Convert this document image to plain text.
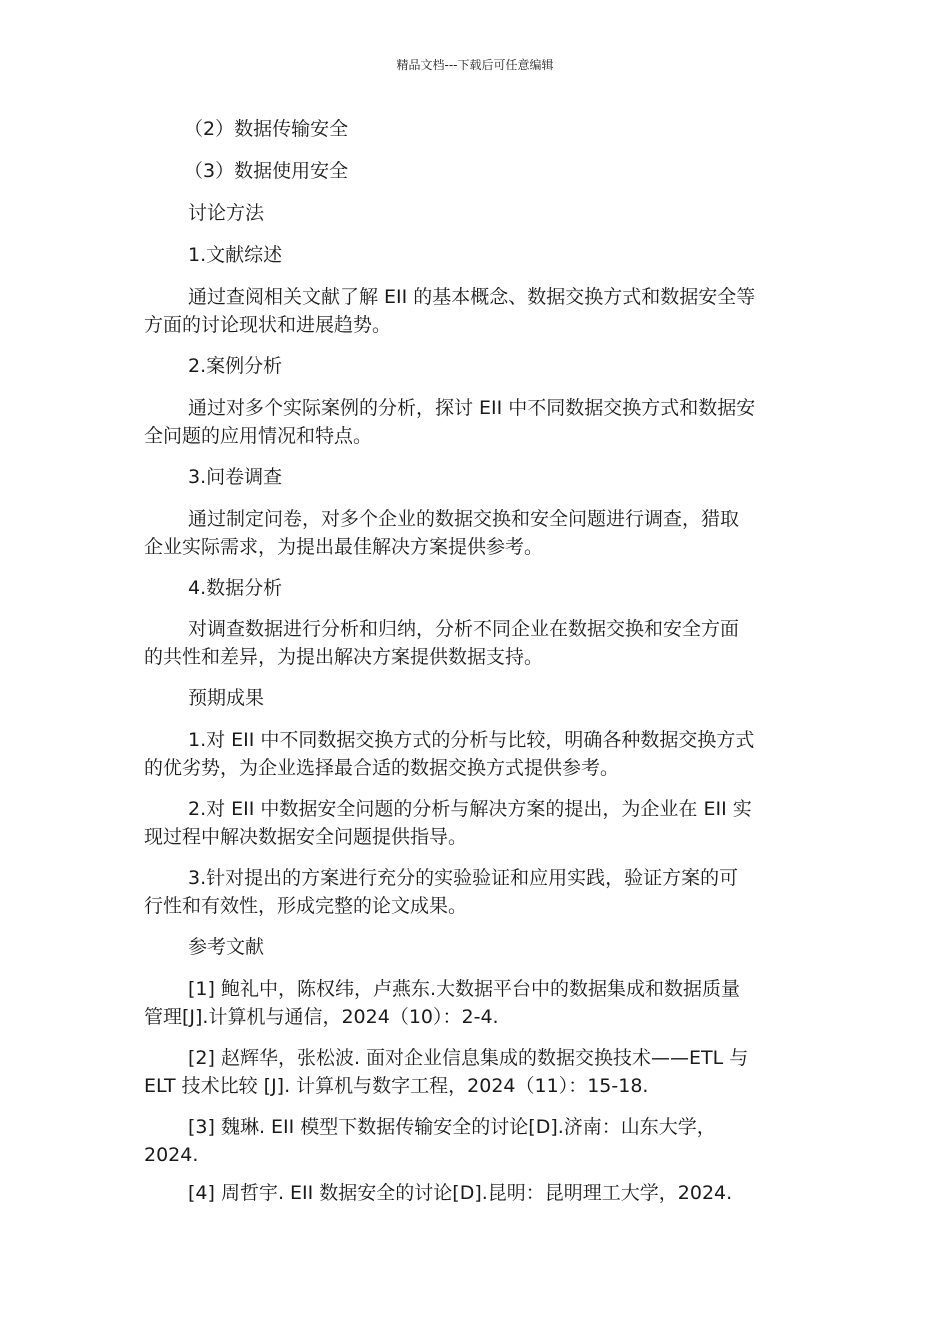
精品文档---下载后可任意编辑
（2）数据传输安全
（3）数据使用安全
讨论方法
1.文献综述
通过查阅相关文献了解 EII 的基本概念、数据交换方式和数据安全等
方面的讨论现状和进展趋势。
2.案例分析
通过对多个实际案例的分析，探讨 EII 中不同数据交换方式和数据安
全问题的应用情况和特点。
3.问卷调查
通过制定问卷，对多个企业的数据交换和安全问题进行调查，猎取
企业实际需求，为提出最佳解决方案提供参考。
4.数据分析
对调查数据进行分析和归纳，分析不同企业在数据交换和安全方面
的共性和差异，为提出解决方案提供数据支持。
预期成果
1.对 EII 中不同数据交换方式的分析与比较，明确各种数据交换方式
的优劣势，为企业选择最合适的数据交换方式提供参考。
2.对 EII 中数据安全问题的分析与解决方案的提出，为企业在 EII 实
现过程中解决数据安全问题提供指导。
3.针对提出的方案进行充分的实验验证和应用实践，验证方案的可
行性和有效性，形成完整的论文成果。
参考文献
[1] 鲍礼中，陈权纬，卢燕东.大数据平台中的数据集成和数据质量
管理[J].计算机与通信，2024（10）：2-4.
[2] 赵辉华，张松波. 面对企业信息集成的数据交换技术——ETL 与
ELT 技术比较 [J]. 计算机与数字工程，2024（11）：15-18.
[3] 魏琳. EII 模型下数据传输安全的讨论[D].济南：山东大学，
2024.
[4] 周哲宇. EII 数据安全的讨论[D].昆明：昆明理工大学，2024.
